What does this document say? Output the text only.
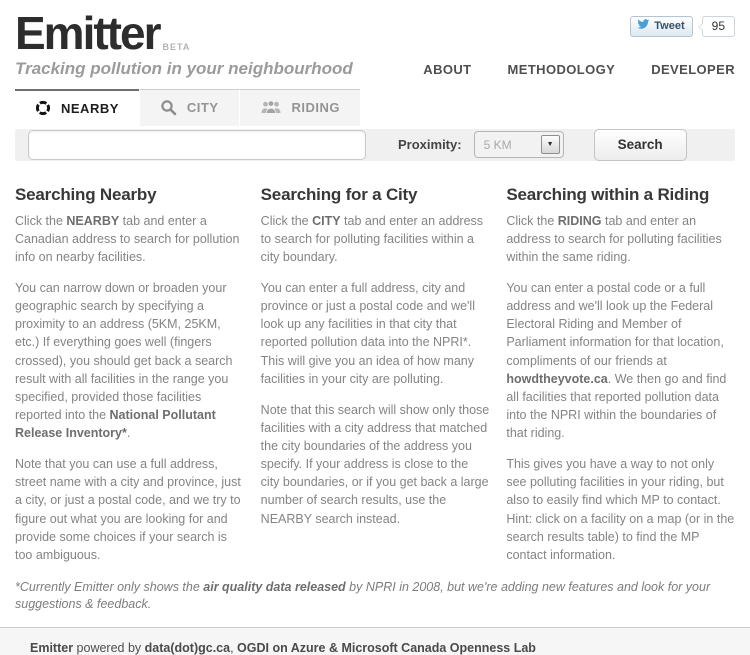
Tweet	95
Emitter BETA
Tracking pollution in your neighbourhood	ABOUT	METHODOLOGY	DEVELOPER
NEARBY	CITY	RIDING
Proximity: 5 KM	▼	Search
Searching Nearby

Click the NEARBY tab and enter a Canadian address to search for pollution info on nearby facilities.

You can narrow down or broaden your geographic search by specifying a proximity to an address (5KM, 25KM, etc.) If everything goes well (fingers crossed), you should get back a search result with all facilities in the range you specified, provided those facilities reported into the National Pollutant Release Inventory*.

Note that you can use a full address, street name with a city and province, just a city, or just a postal code, and we try to figure out what you are looking for and provide some choices if your search is too ambiguous.

Searching for a City

Click the CITY tab and enter an address to search for polluting facilities within a city boundary.

You can enter a full address, city and province or just a postal code and we'll look up any facilities in that city that reported pollution data into the NPRI*. This will give you an idea of how many facilities in your city are polluting.

Note that this search will show only those facilities with a city address that matched the city boundaries of the address you specify. If your address is close to the city boundaries, or if you get back a large number of search results, use the NEARBY search instead.

Searching within a Riding

Click the RIDING tab and enter an address to search for polluting facilities within the same riding.

You can enter a postal code or a full address and we'll look up the Federal Electoral Riding and Member of Parliament information for that location, compliments of our friends at howdtheyvote.ca. We then go and find all facilities that reported pollution data into the NPRI within the boundaries of that riding.

This gives you have a way to not only see polluting facilities in your riding, but also to easily find which MP to contact. Hint: click on a facility on a map (or in the search results table) to find the MP contact information.

*Currently Emitter only shows the air quality data released by NPRI in 2008, but we're adding new features and look for your suggestions & feedback.
Emitter powered by data(dot)gc.ca, OGDI on Azure & Microsoft Canada Openness Lab
